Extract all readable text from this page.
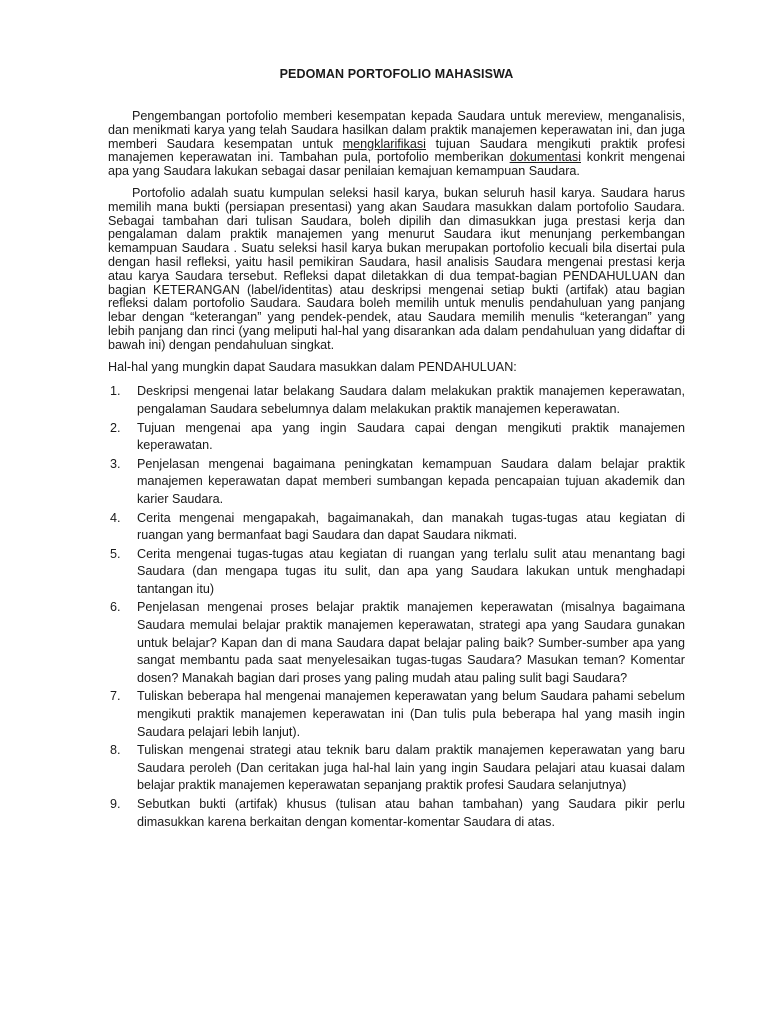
PEDOMAN PORTOFOLIO MAHASISWA

Pengembangan portofolio memberi kesempatan kepada Saudara untuk mereview, menganalisis, dan menikmati karya yang telah Saudara hasilkan dalam praktik manajemen keperawatan ini, dan juga memberi Saudara kesempatan untuk mengklarifikasi tujuan Saudara mengikuti praktik profesi manajemen keperawatan ini. Tambahan pula, portofolio memberikan dokumentasi konkrit mengenai apa yang Saudara lakukan sebagai dasar penilaian kemajuan kemampuan Saudara.

Portofolio adalah suatu kumpulan seleksi hasil karya, bukan seluruh hasil karya. Saudara harus memilih mana bukti (persiapan presentasi) yang akan Saudara masukkan dalam portofolio Saudara. Sebagai tambahan dari tulisan Saudara, boleh dipilih dan dimasukkan juga prestasi kerja dan pengalaman dalam praktik manajemen yang menurut Saudara ikut menunjang perkembangan kemampuan Saudara . Suatu seleksi hasil karya bukan merupakan portofolio kecuali bila disertai pula dengan hasil refleksi, yaitu hasil pemikiran Saudara, hasil analisis Saudara mengenai prestasi kerja atau karya Saudara tersebut. Refleksi dapat diletakkan di dua tempat-bagian PENDAHULUAN dan bagian KETERANGAN (label/identitas) atau deskripsi mengenai setiap bukti (artifak) atau bagian refleksi dalam portofolio Saudara. Saudara boleh memilih untuk menulis pendahuluan yang panjang lebar dengan “keterangan” yang pendek-pendek, atau Saudara memilih menulis “keterangan” yang lebih panjang dan rinci (yang meliputi hal-hal yang disarankan ada dalam pendahuluan yang didaftar di bawah ini) dengan pendahuluan singkat.

Hal-hal yang mungkin dapat Saudara masukkan dalam PENDAHULUAN:

1. Deskripsi mengenai latar belakang Saudara dalam melakukan praktik manajemen keperawatan, pengalaman Saudara sebelumnya dalam melakukan praktik manajemen keperawatan.
2. Tujuan mengenai apa yang ingin Saudara capai dengan mengikuti praktik manajemen keperawatan.
3. Penjelasan mengenai bagaimana peningkatan kemampuan Saudara dalam belajar praktik manajemen keperawatan dapat memberi sumbangan kepada pencapaian tujuan akademik dan karier Saudara.
4. Cerita mengenai mengapakah, bagaimanakah, dan manakah tugas-tugas atau kegiatan di ruangan yang bermanfaat bagi Saudara dan dapat Saudara nikmati.
5. Cerita mengenai tugas-tugas atau kegiatan di ruangan yang terlalu sulit atau menantang bagi Saudara (dan mengapa tugas itu sulit, dan apa yang Saudara lakukan untuk menghadapi tantangan itu)
6. Penjelasan mengenai proses belajar praktik manajemen keperawatan (misalnya bagaimana Saudara memulai belajar praktik manajemen keperawatan, strategi apa yang Saudara gunakan untuk belajar? Kapan dan di mana Saudara dapat belajar paling baik? Sumber-sumber apa yang sangat membantu pada saat menyelesaikan tugas-tugas Saudara? Masukan teman? Komentar dosen? Manakah bagian dari proses yang paling mudah atau paling sulit bagi Saudara?
7. Tuliskan beberapa hal mengenai manajemen keperawatan yang belum Saudara pahami sebelum mengikuti praktik manajemen keperawatan ini (Dan tulis pula beberapa hal yang masih ingin Saudara pelajari lebih lanjut).
8. Tuliskan mengenai strategi atau teknik baru dalam praktik manajemen keperawatan yang baru Saudara peroleh (Dan ceritakan juga hal-hal lain yang ingin Saudara pelajari atau kuasai dalam belajar praktik manajemen keperawatan sepanjang praktik profesi Saudara selanjutnya)
9. Sebutkan bukti (artifak) khusus (tulisan atau bahan tambahan) yang Saudara pikir perlu dimasukkan karena berkaitan dengan komentar-komentar Saudara di atas.
